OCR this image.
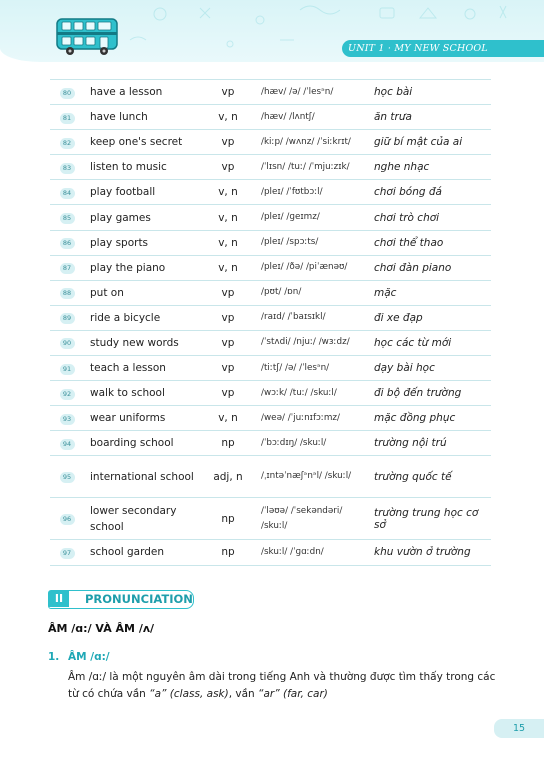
UNIT 1 · MY NEW SCHOOL
80	have a lesson	vp	/hæv/ /ə/ /ˈlesᵊn/	học bài
81	have lunch	v, n	/hæv/ /lʌntʃ/	ăn trưa
82	keep one's secret	vp	/kiːp/ /wʌnz/ /ˈsiːkrɪt/	giữ bí mật của ai
83	listen to music	vp	/ˈlɪsn/ /tuː/ /ˈmjuːzɪk/	nghe nhạc
84	play football	v, n	/pleɪ/ /ˈfʊtbɔːl/	chơi bóng đá
85	play games	v, n	/pleɪ/ /ɡeɪmz/	chơi trò chơi
86	play sports	v, n	/pleɪ/ /spɔːts/	chơi thể thao
87	play the piano	v, n	/pleɪ/ /ðə/ /piˈænəʊ/	chơi đàn piano
88	put on	vp	/pʊt/ /ɒn/	mặc
89	ride a bicycle	vp	/raɪd/ /ˈbaɪsɪkl/	đi xe đạp
90	study new words	vp	/ˈstʌdi/ /njuː/ /wɜːdz/	học các từ mới
91	teach a lesson	vp	/tiːtʃ/ /ə/ /ˈlesᵊn/	dạy bài học
92	walk to school	vp	/wɔːk/ /tuː/ /skuːl/	đi bộ đến trường
93	wear uniforms	v, n	/weə/ /ˈjuːnɪfɔːmz/	mặc đồng phục
94	boarding school	np	/ˈbɔːdɪŋ/ /skuːl/	trường nội trú
95	international school	adj, n	/ˌɪntəˈnæʃᵊnᵊl/ /skuːl/	trường quốc tế
96	lower secondary school	np	/ˈləʊə/ /ˈsekəndəri/ /skuːl/	trường trung học cơ sở
97	school garden	np	/skuːl/ /ˈɡɑːdn/	khu vườn ở trường
II	PRONUNCIATION
ÂM /ɑ:/ VÀ ÂM /ʌ/
1. ÂM /ɑ:/
Âm /ɑː/ là một nguyên âm dài trong tiếng Anh và thường được tìm thấy trong các từ có chứa vần “a” (class, ask), vần “ar” (far, car)
15
